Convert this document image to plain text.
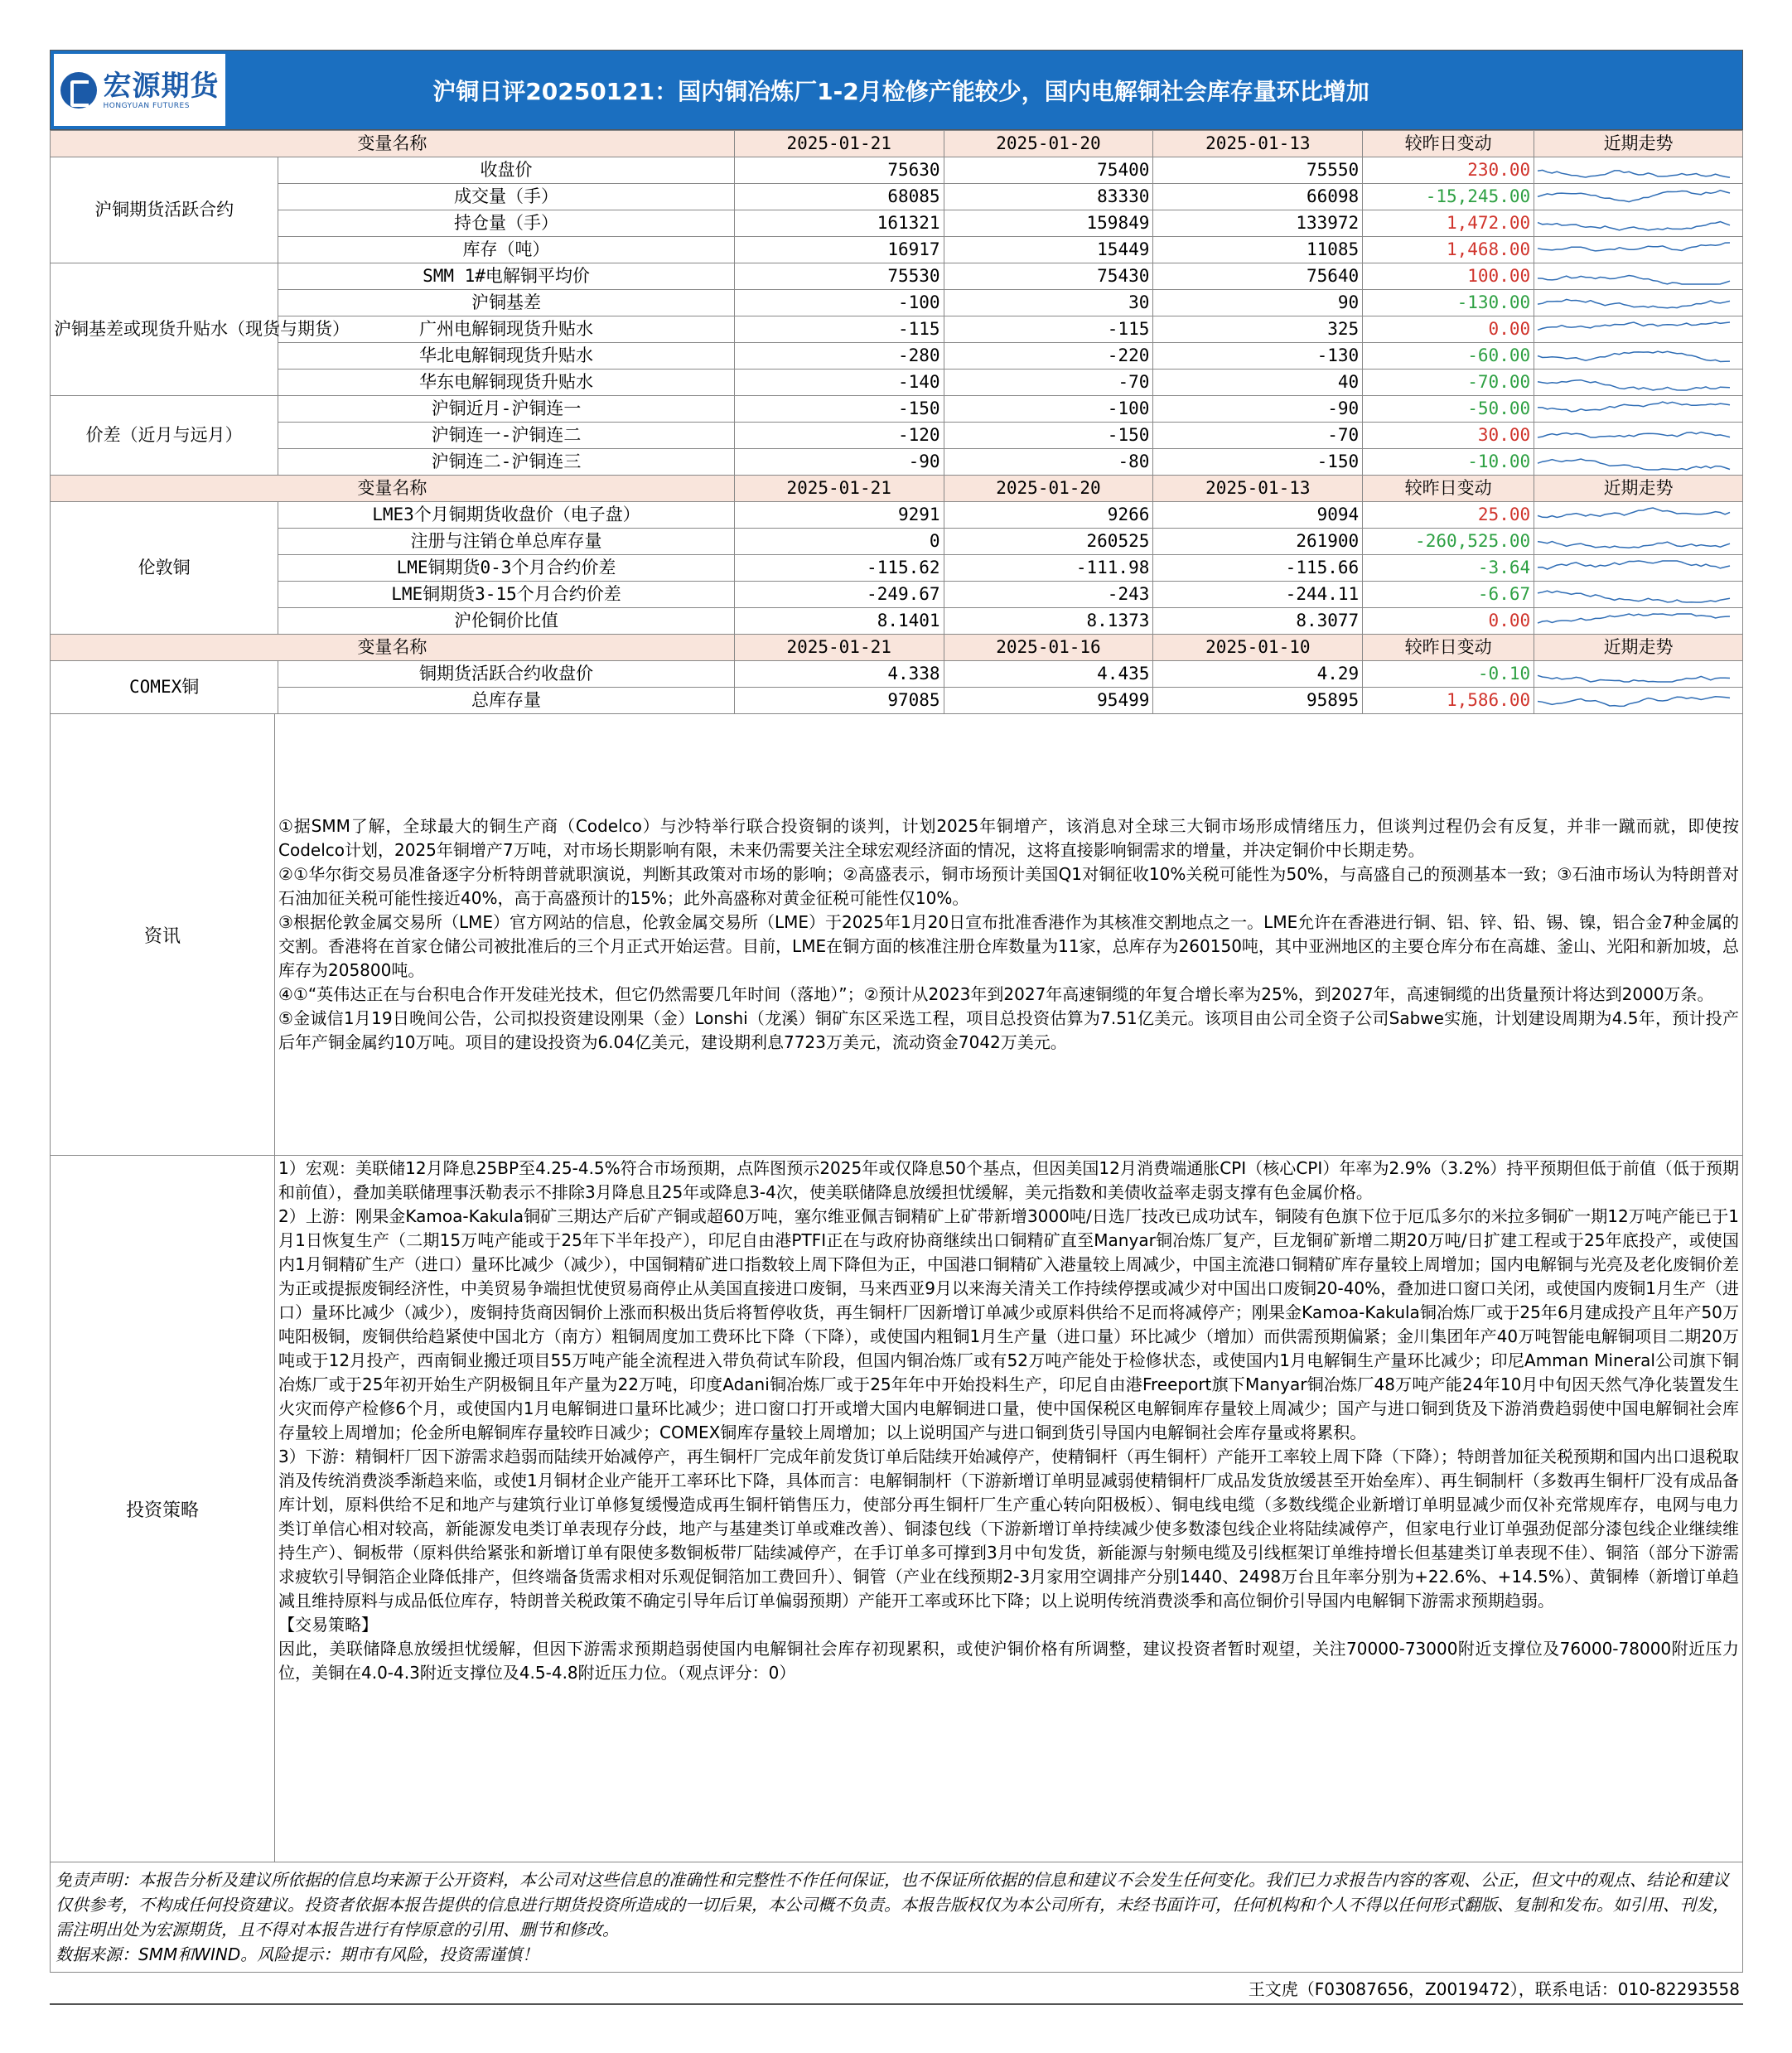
宏源期货
HONGYUAN FUTURES
沪铜日评20250121：国内铜冶炼厂1-2月检修产能较少，国内电解铜社会库存量环比增加
变量名称		2025-01-21	2025-01-20	2025-01-13	较昨日变动	近期走势
沪铜期货活跃合约	收盘价	75630	75400	75550	230.00	

	成交量（手）	68085	83330	66098	-15,245.00	

	持仓量（手）	161321	159849	133972	1,472.00	

	库存（吨）	16917	15449	11085	1,468.00	

沪铜基差或现货升贴水（现货与期货）	SMM 1#电解铜平均价	75530	75430	75640	100.00	

	沪铜基差	-100	30	90	-130.00	

	广州电解铜现货升贴水	-115	-115	325	0.00	

	华北电解铜现货升贴水	-280	-220	-130	-60.00	

	华东电解铜现货升贴水	-140	-70	40	-70.00	

价差（近月与远月）	沪铜近月-沪铜连一	-150	-100	-90	-50.00	

	沪铜连一-沪铜连二	-120	-150	-70	30.00	

	沪铜连二-沪铜连三	-90	-80	-150	-10.00	

变量名称		2025-01-21	2025-01-20	2025-01-13	较昨日变动	近期走势
伦敦铜	LME3个月铜期货收盘价（电子盘）	9291	9266	9094	25.00	

	注册与注销仓单总库存量	0	260525	261900	-260,525.00	

	LME铜期货0-3个月合约价差	-115.62	-111.98	-115.66	-3.64	

	LME铜期货3-15个月合约价差	-249.67	-243	-244.11	-6.67	

	沪伦铜价比值	8.1401	8.1373	8.3077	0.00	

变量名称		2025-01-21	2025-01-16	2025-01-10	较昨日变动	近期走势
COMEX铜	铜期货活跃合约收盘价	4.338	4.435	4.29	-0.10	

	总库存量	97085	95499	95895	1,586.00	
资讯

①据SMM了解，全球最大的铜生产商（Codelco）与沙特举行联合投资铜的谈判，计划2025年铜增产，该消息对全球三大铜市场形成情绪压力，但谈判过程仍会有反复，并非一蹴而就，即使按Codelco计划，2025年铜增产7万吨，对市场长期影响有限，未来仍需要关注全球宏观经济面的情况，这将直接影响铜需求的增量，并决定铜价中长期走势。

②①华尔街交易员准备逐字分析特朗普就职演说，判断其政策对市场的影响；②高盛表示，铜市场预计美国Q1对铜征收10%关税可能性为50%，与高盛自己的预测基本一致；③石油市场认为特朗普对石油加征关税可能性接近40%，高于高盛预计的15%；此外高盛称对黄金征税可能性仅10%。

③根据伦敦金属交易所（LME）官方网站的信息，伦敦金属交易所（LME）于2025年1月20日宣布批准香港作为其核准交割地点之一。LME允许在香港进行铜、铝、锌、铅、锡、镍，铝合金7种金属的交割。香港将在首家仓储公司被批准后的三个月正式开始运营。目前，LME在铜方面的核准注册仓库数量为11家，总库存为260150吨，其中亚洲地区的主要仓库分布在高雄、釜山、光阳和新加坡，总库存为205800吨。

④①“英伟达正在与台积电合作开发硅光技术，但它仍然需要几年时间（落地）”；②预计从2023年到2027年高速铜缆的年复合增长率为25%，到2027年，高速铜缆的出货量预计将达到2000万条。

⑤金诚信1月19日晚间公告，公司拟投资建设刚果（金）Lonshi（龙溪）铜矿东区采选工程，项目总投资估算为7.51亿美元。该项目由公司全资子公司Sabwe实施，计划建设周期为4.5年，预计投产后年产铜金属约10万吨。项目的建设投资为6.04亿美元，建设期利息7723万美元，流动资金7042万美元。

投资策略

1）宏观：美联储12月降息25BP至4.25-4.5%符合市场预期，点阵图预示2025年或仅降息50个基点，但因美国12月消费端通胀CPI（核心CPI）年率为2.9%（3.2%）持平预期但低于前值（低于预期和前值），叠加美联储理事沃勒表示不排除3月降息且25年或降息3-4次，使美联储降息放缓担忧缓解，美元指数和美债收益率走弱支撑有色金属价格。

2）上游：刚果金Kamoa-Kakula铜矿三期达产后矿产铜或超60万吨，塞尔维亚佩吉铜精矿上矿带新增3000吨/日选厂技改已成功试车，铜陵有色旗下位于厄瓜多尔的米拉多铜矿一期12万吨产能已于1月1日恢复生产（二期15万吨产能或于25年下半年投产），印尼自由港PTFI正在与政府协商继续出口铜精矿直至Manyar铜冶炼厂复产，巨龙铜矿新增二期20万吨/日扩建工程或于25年底投产，或使国内1月铜精矿生产（进口）量环比减少（减少），中国铜精矿进口指数较上周下降但为正，中国港口铜精矿入港量较上周减少，中国主流港口铜精矿库存量较上周增加；国内电解铜与光亮及老化废铜价差为正或提振废铜经济性，中美贸易争端担忧使贸易商停止从美国直接进口废铜，马来西亚9月以来海关清关工作持续停摆或减少对中国出口废铜20-40%，叠加进口窗口关闭，或使国内废铜1月生产（进口）量环比减少（减少），废铜持货商因铜价上涨而积极出货后将暂停收货，再生铜杆厂因新增订单减少或原料供给不足而将减停产；刚果金Kamoa-Kakula铜冶炼厂或于25年6月建成投产且年产50万吨阳极铜，废铜供给趋紧使中国北方（南方）粗铜周度加工费环比下降（下降），或使国内粗铜1月生产量（进口量）环比减少（增加）而供需预期偏紧；金川集团年产40万吨智能电解铜项目二期20万吨或于12月投产，西南铜业搬迁项目55万吨产能全流程进入带负荷试车阶段，但国内铜冶炼厂或有52万吨产能处于检修状态，或使国内1月电解铜生产量环比减少；印尼Amman Mineral公司旗下铜冶炼厂或于25年初开始生产阴极铜且年产量为22万吨，印度Adani铜冶炼厂或于25年年中开始投料生产，印尼自由港Freeport旗下Manyar铜冶炼厂48万吨产能24年10月中旬因天然气净化装置发生火灾而停产检修6个月，或使国内1月电解铜进口量环比减少；进口窗口打开或增大国内电解铜进口量，使中国保税区电解铜库存量较上周减少；国产与进口铜到货及下游消费趋弱使中国电解铜社会库存量较上周增加；伦金所电解铜库存量较昨日减少；COMEX铜库存量较上周增加；以上说明国产与进口铜到货引导国内电解铜社会库存量或将累积。

3）下游：精铜杆厂因下游需求趋弱而陆续开始减停产，再生铜杆厂完成年前发货订单后陆续开始减停产，使精铜杆（再生铜杆）产能开工率较上周下降（下降）；特朗普加征关税预期和国内出口退税取消及传统消费淡季渐趋来临，或使1月铜材企业产能开工率环比下降，具体而言：电解铜制杆（下游新增订单明显减弱使精铜杆厂成品发货放缓甚至开始垒库）、再生铜制杆（多数再生铜杆厂没有成品备库计划，原料供给不足和地产与建筑行业订单修复缓慢造成再生铜杆销售压力，使部分再生铜杆厂生产重心转向阳极板）、铜电线电缆（多数线缆企业新增订单明显减少而仅补充常规库存，电网与电力类订单信心相对较高，新能源发电类订单表现存分歧，地产与基建类订单或难改善）、铜漆包线（下游新增订单持续减少使多数漆包线企业将陆续减停产，但家电行业订单强劲促部分漆包线企业继续维持生产）、铜板带（原料供给紧张和新增订单有限使多数铜板带厂陆续减停产，在手订单多可撑到3月中旬发货，新能源与射频电缆及引线框架订单维持增长但基建类订单表现不佳）、铜箔（部分下游需求疲软引导铜箔企业降低排产，但终端备货需求相对乐观促铜箔加工费回升）、铜管（产业在线预期2-3月家用空调排产分别1440、2498万台且年率分别为+22.6%、+14.5%）、黄铜棒（新增订单趋减且维持原料与成品低位库存，特朗普关税政策不确定引导年后订单偏弱预期）产能开工率或环比下降；以上说明传统消费淡季和高位铜价引导国内电解铜下游需求预期趋弱。

【交易策略】

因此，美联储降息放缓担忧缓解，但因下游需求预期趋弱使国内电解铜社会库存初现累积，或使沪铜价格有所调整，建议投资者暂时观望，关注70000-73000附近支撑位及76000-78000附近压力位，美铜在4.0-4.3附近支撑位及4.5-4.8附近压力位。（观点评分：0）

免责声明：本报告分析及建议所依据的信息均来源于公开资料，本公司对这些信息的准确性和完整性不作任何保证，也不保证所依据的信息和建议不会发生任何变化。我们已力求报告内容的客观、公正，但文中的观点、结论和建议仅供参考，不构成任何投资建议。投资者依据本报告提供的信息进行期货投资所造成的一切后果，本公司概不负责。本报告版权仅为本公司所有，未经书面许可，任何机构和个人不得以任何形式翻版、复制和发布。如引用、刊发，需注明出处为宏源期货，且不得对本报告进行有悖原意的引用、删节和修改。
数据来源：SMM和WIND。风险提示：期市有风险，投资需谨慎！
王文虎（F03087656，Z0019472），联系电话：010-82293558
